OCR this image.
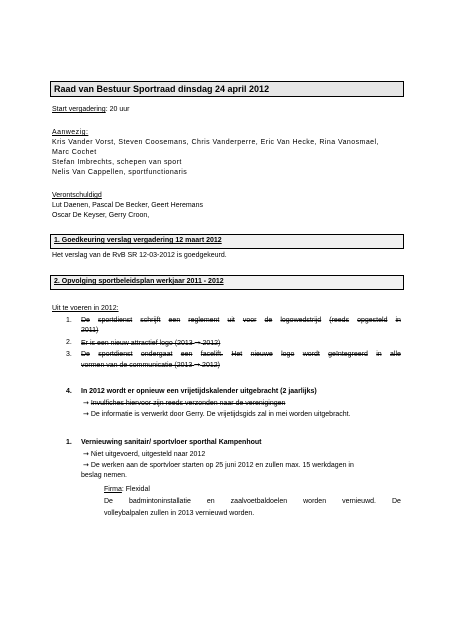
Raad van Bestuur Sportraad dinsdag 24 april 2012
Start vergadering: 20 uur
Aanwezig:
Kris Vander Vorst, Steven Coosemans, Chris Vanderperre, Eric Van Hecke, Rina Vanosmael,
Marc Cochet
Stefan Imbrechts, schepen van sport
Nelis Van Cappellen, sportfunctionaris
Verontschuldigd
Lut Daenen, Pascal De Becker, Geert Heremans
Oscar De Keyser, Gerry Croon,
1. Goedkeuring verslag vergadering 12 maart 2012
Het verslag van de RvB SR 12-03-2012 is goedgekeurd.
2. Opvolging sportbeleidsplan werkjaar 2011 - 2012
Uit te voeren in 2012:
1. De sportdienst schrijft een reglement uit voor de logowedstrijd (reeds opgesteld in
2011)
2. Er is een nieuw attractief logo (2013 → 2012)
3. De sportdienst ondergaat een facelift. Het nieuwe logo wordt geïntegreerd in alle
vormen van de communicatie (2013 → 2012)
4. In 2012 wordt er opnieuw een vrijetijdskalender uitgebracht (2 jaarlijks)
→ Invulfiches hiervoor zijn reeds verzonden naar de verenigingen
→ De informatie is verwerkt door Gerry. De vrijetijdsgids zal in mei worden uitgebracht.
1. Vernieuwing sanitair/ sportvloer sporthal Kampenhout
→ Niet uitgevoerd, uitgesteld naar 2012
→ De werken aan de sportvloer starten op 25 juni 2012 en zullen max. 15 werkdagen in
beslag nemen.
Firma: Flexidal
De badmintoninstallatie en zaalvoetbaldoelen worden vernieuwd. De
volleybalpalen zullen in 2013 vernieuwd worden.
